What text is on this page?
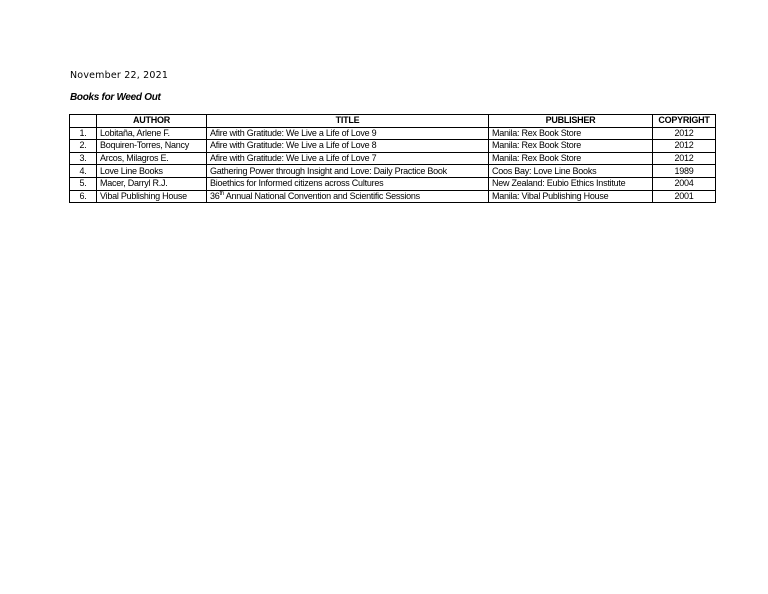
November 22, 2021
Books for Weed Out
	AUTHOR	TITLE	PUBLISHER	COPYRIGHT
1.	Lobitaña, Arlene F.	Afire with Gratitude: We Live a Life of Love 9	Manila: Rex Book Store	2012
2.	Boquiren-Torres, Nancy	Afire with Gratitude: We Live a Life of Love 8	Manila: Rex Book Store	2012
3.	Arcos, Milagros E.	Afire with Gratitude: We Live a Life of Love 7	Manila: Rex Book Store	2012
4.	Love Line Books	Gathering Power through Insight and Love: Daily Practice Book	Coos Bay: Love Line Books	1989
5.	Macer, Darryl R.J.	Bioethics for Informed citizens across Cultures	New Zealand: Eubio Ethics Institute	2004
6.	Vibal Publishing House	36th Annual National Convention and Scientific Sessions	Manila: Vibal Publishing House	2001
